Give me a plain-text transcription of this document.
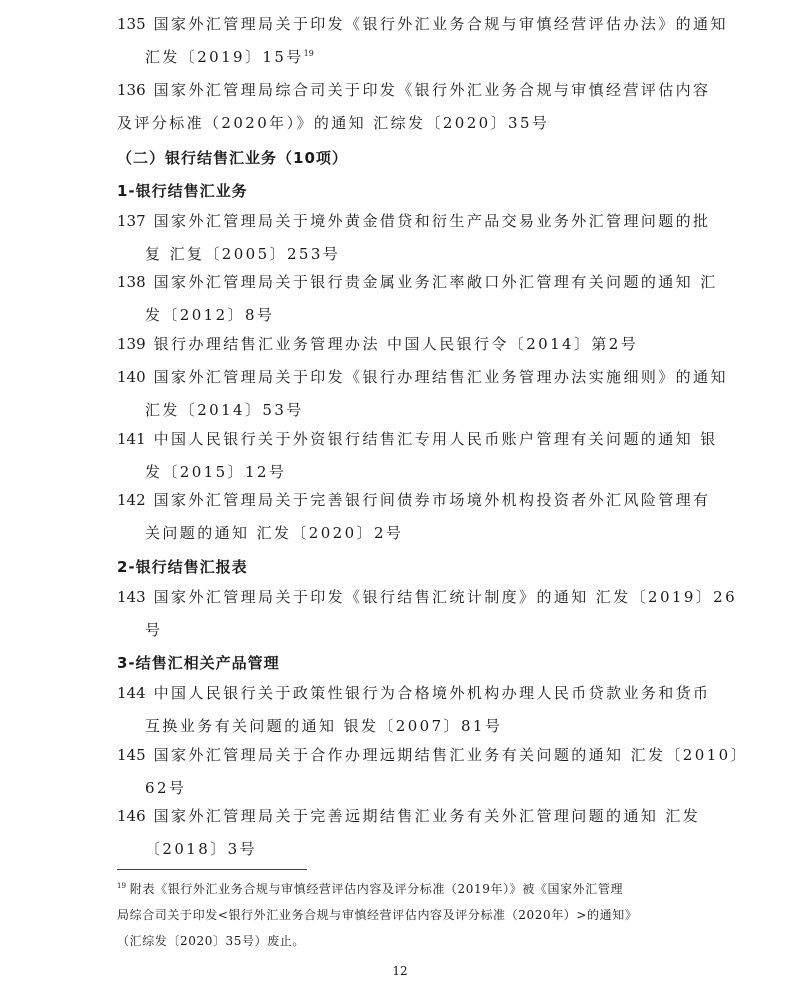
135 国家外汇管理局关于印发《银行外汇业务合规与审慎经营评估办法》的通知
汇发〔2019〕15号$^{19}$
136 国家外汇管理局综合司关于印发《银行外汇业务合规与审慎经营评估内容
及评分标准（2020年）》的通知 汇综发〔2020〕35号
（二）银行结售汇业务（10项）
1-银行结售汇业务
137 国家外汇管理局关于境外黄金借贷和衍生产品交易业务外汇管理问题的批
复 汇复〔2005〕253号
138 国家外汇管理局关于银行贵金属业务汇率敞口外汇管理有关问题的通知 汇
发〔2012〕8号
139 银行办理结售汇业务管理办法 中国人民银行令〔2014〕第2号
140 国家外汇管理局关于印发《银行办理结售汇业务管理办法实施细则》的通知
汇发〔2014〕53号
141 中国人民银行关于外资银行结售汇专用人民币账户管理有关问题的通知 银
发〔2015〕12号
142 国家外汇管理局关于完善银行间债券市场境外机构投资者外汇风险管理有
关问题的通知 汇发〔2020〕2号
2-银行结售汇报表
143 国家外汇管理局关于印发《银行结售汇统计制度》的通知 汇发〔2019〕26
号
3-结售汇相关产品管理
144 中国人民银行关于政策性银行为合格境外机构办理人民币贷款业务和货币
互换业务有关问题的通知 银发〔2007〕81号
145 国家外汇管理局关于合作办理远期结售汇业务有关问题的通知 汇发〔2010〕
62号
146 国家外汇管理局关于完善远期结售汇业务有关外汇管理问题的通知 汇发
〔2018〕3号
$^{19}$ 附表《银行外汇业务合规与审慎经营评估内容及评分标准（2019年）》被《国家外汇管理
局综合司关于印发<银行外汇业务合规与审慎经营评估内容及评分标准（2020年）>的通知》
（汇综发〔2020〕35号）废止。
12
